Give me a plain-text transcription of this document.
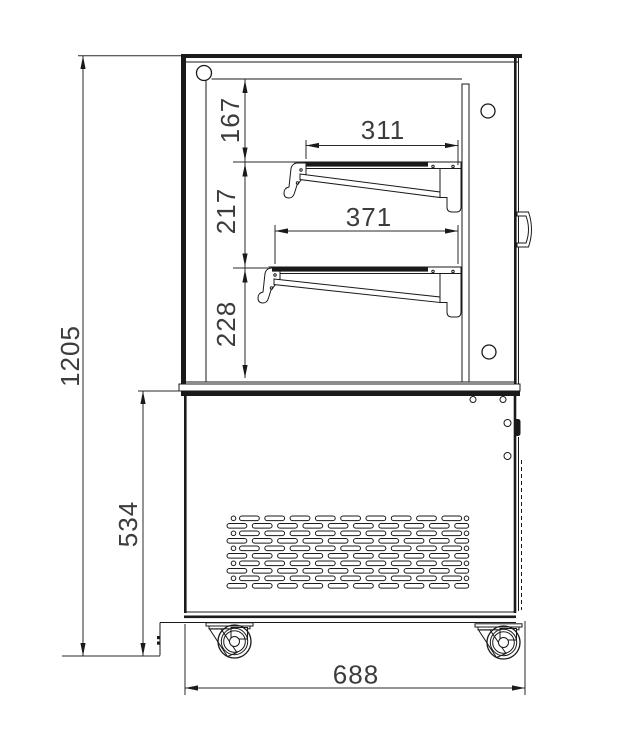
1205
534
167
217
228
311
371
688
